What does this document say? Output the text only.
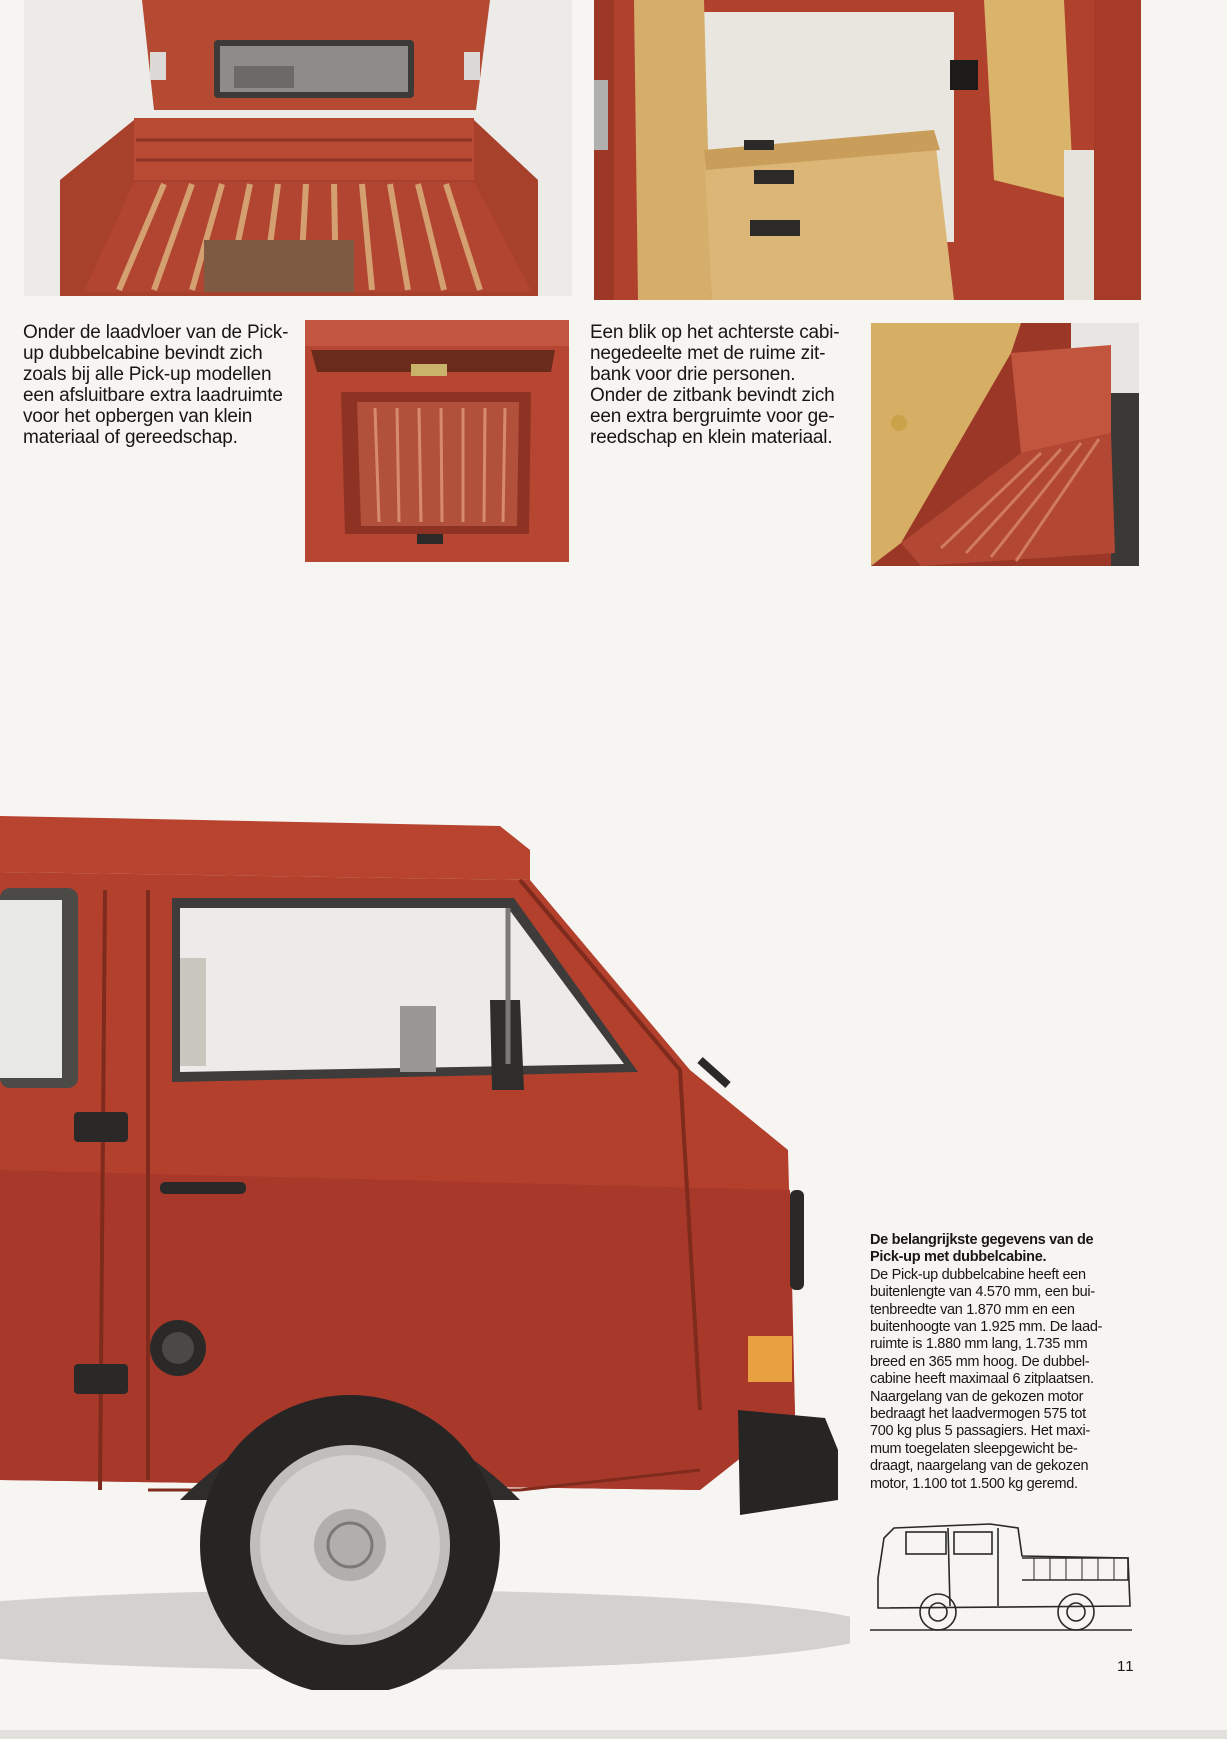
Onder de laadvloer van de Pick-
up dubbelcabine bevindt zich
zoals bij alle Pick-up modellen
een afsluitbare extra laadruimte
voor het opbergen van klein
materiaal of gereedschap.

Een blik op het achterste cabi-
negedeelte met de ruime zit-
bank voor drie personen.
Onder de zitbank bevindt zich
een extra bergruimte voor ge-
reedschap en klein materiaal.

De belangrijkste gegevens van de
Pick-up met dubbelcabine.

De Pick-up dubbelcabine heeft een
buitenlengte van 4.570 mm, een bui-
tenbreedte van 1.870 mm en een
buitenhoogte van 1.925 mm. De laad-
ruimte is 1.880 mm lang, 1.735 mm
breed en 365 mm hoog. De dubbel-
cabine heeft maximaal 6 zitplaatsen.
Naargelang van de gekozen motor
bedraagt het laadvermogen 575 tot
700 kg plus 5 passagiers. Het maxi-
mum toegelaten sleepgewicht be-
draagt, naargelang van de gekozen
motor, 1.100 tot 1.500 kg geremd.

11
